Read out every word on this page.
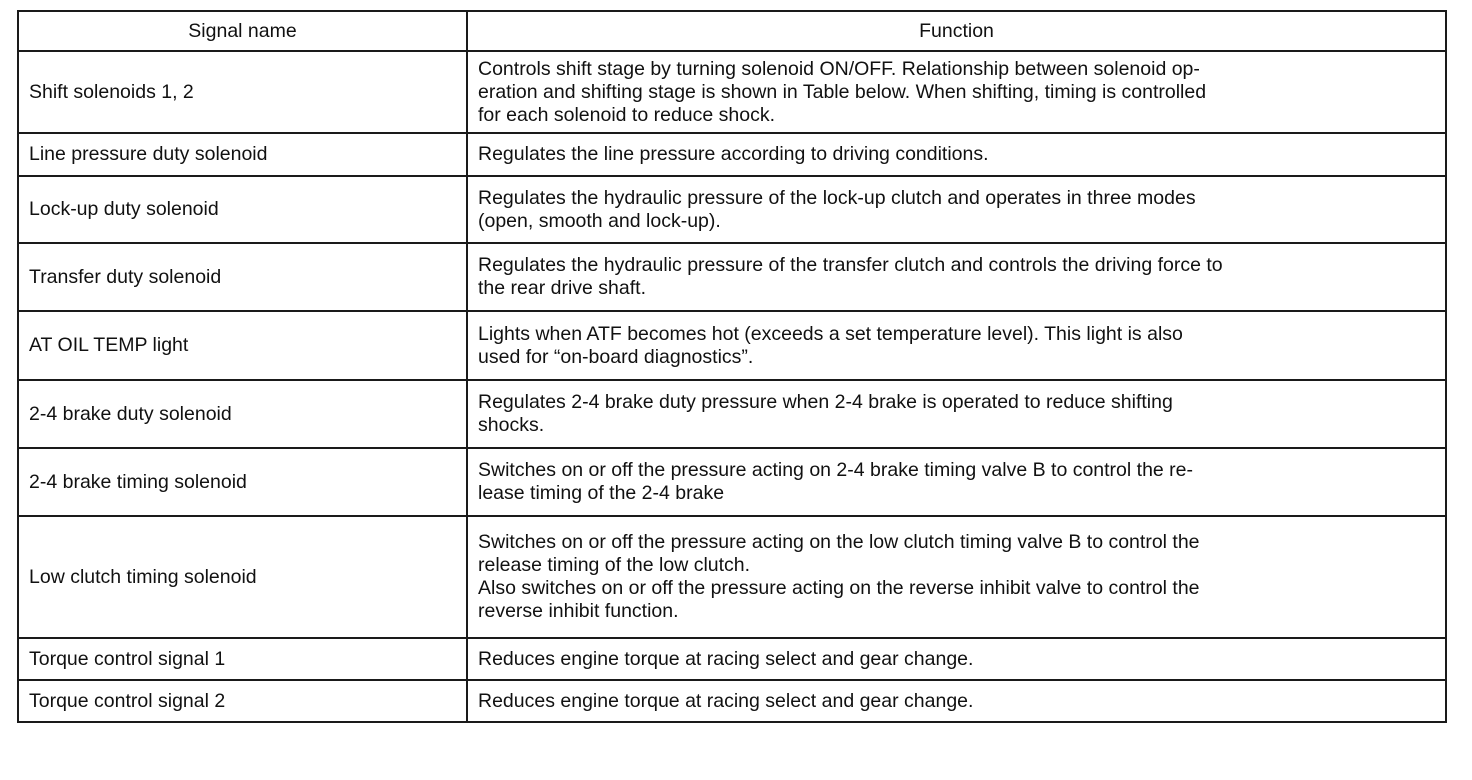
Signal name	Function
Shift solenoids 1, 2	Controls shift stage by turning solenoid ON/OFF. Relationship between solenoid op-
eration and shifting stage is shown in Table below. When shifting, timing is controlled
for each solenoid to reduce shock.

Line pressure duty solenoid	Regulates the line pressure according to driving conditions.

Lock-up duty solenoid	Regulates the hydraulic pressure of the lock-up clutch and operates in three modes
(open, smooth and lock-up).

Transfer duty solenoid	Regulates the hydraulic pressure of the transfer clutch and controls the driving force to
the rear drive shaft.

AT OIL TEMP light	Lights when ATF becomes hot (exceeds a set temperature level). This light is also
used for “on-board diagnostics”.

2-4 brake duty solenoid	Regulates 2-4 brake duty pressure when 2-4 brake is operated to reduce shifting
shocks.

2-4 brake timing solenoid	Switches on or off the pressure acting on 2-4 brake timing valve B to control the re-
lease timing of the 2-4 brake

Low clutch timing solenoid	Switches on or off the pressure acting on the low clutch timing valve B to control the
release timing of the low clutch.
Also switches on or off the pressure acting on the reverse inhibit valve to control the
reverse inhibit function.

Torque control signal 1	Reduces engine torque at racing select and gear change.

Torque control signal 2	Reduces engine torque at racing select and gear change.
